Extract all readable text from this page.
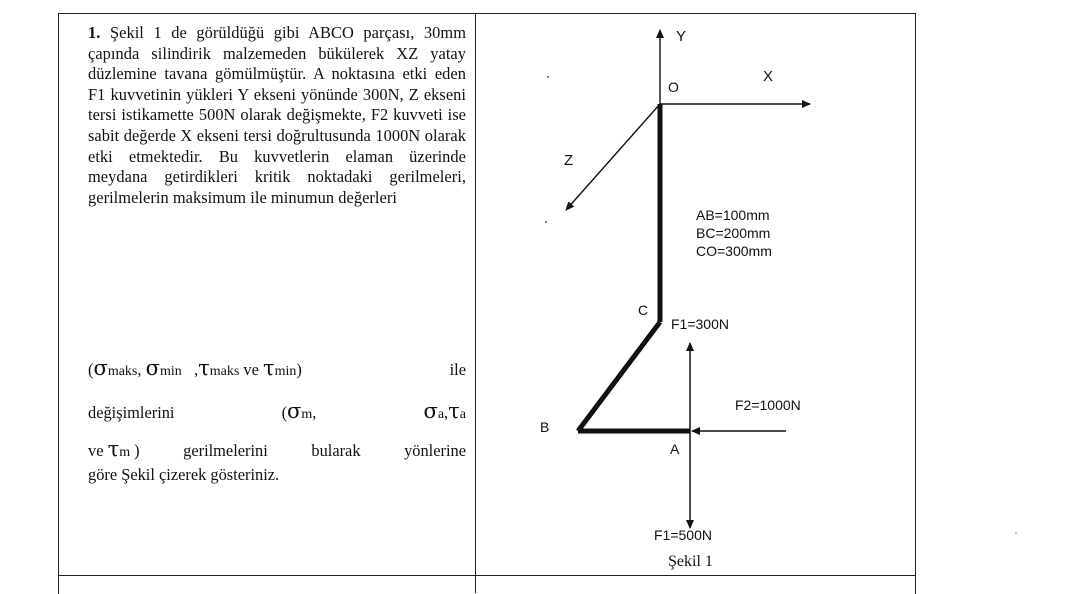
1. Şekil 1 de görüldüğü gibi ABCO parçası, 30mm çapında silindirik malzemeden bükülerek XZ yatay düzlemine tavana gömülmüştür. A noktasına etki eden F1 kuvvetinin yükleri Y ekseni yönünde 300N, Z ekseni tersi istikamette 500N olarak değişmekte, F2 kuvveti ise sabit değerde X ekseni tersi doğrultusunda 1000N olarak etki etmektedir. Bu kuvvetlerin elaman üzerinde meydana getirdikleri kritik noktadaki gerilmeleri, gerilmelerin maksimum ile minumun değerleri

(σmaks, σmin ,τmaks ve τmin)	ile
değişimlerini	(σm,	σa,τa
ve τm ) gerilmelerini bularak yönlerine
göre Şekil çizerek gösteriniz.
Y
O
X
Z
AB=100mm
BC=200mm
CO=300mm
C
F1=300N
F2=1000N
B
A
F1=500N
Şekil 1
